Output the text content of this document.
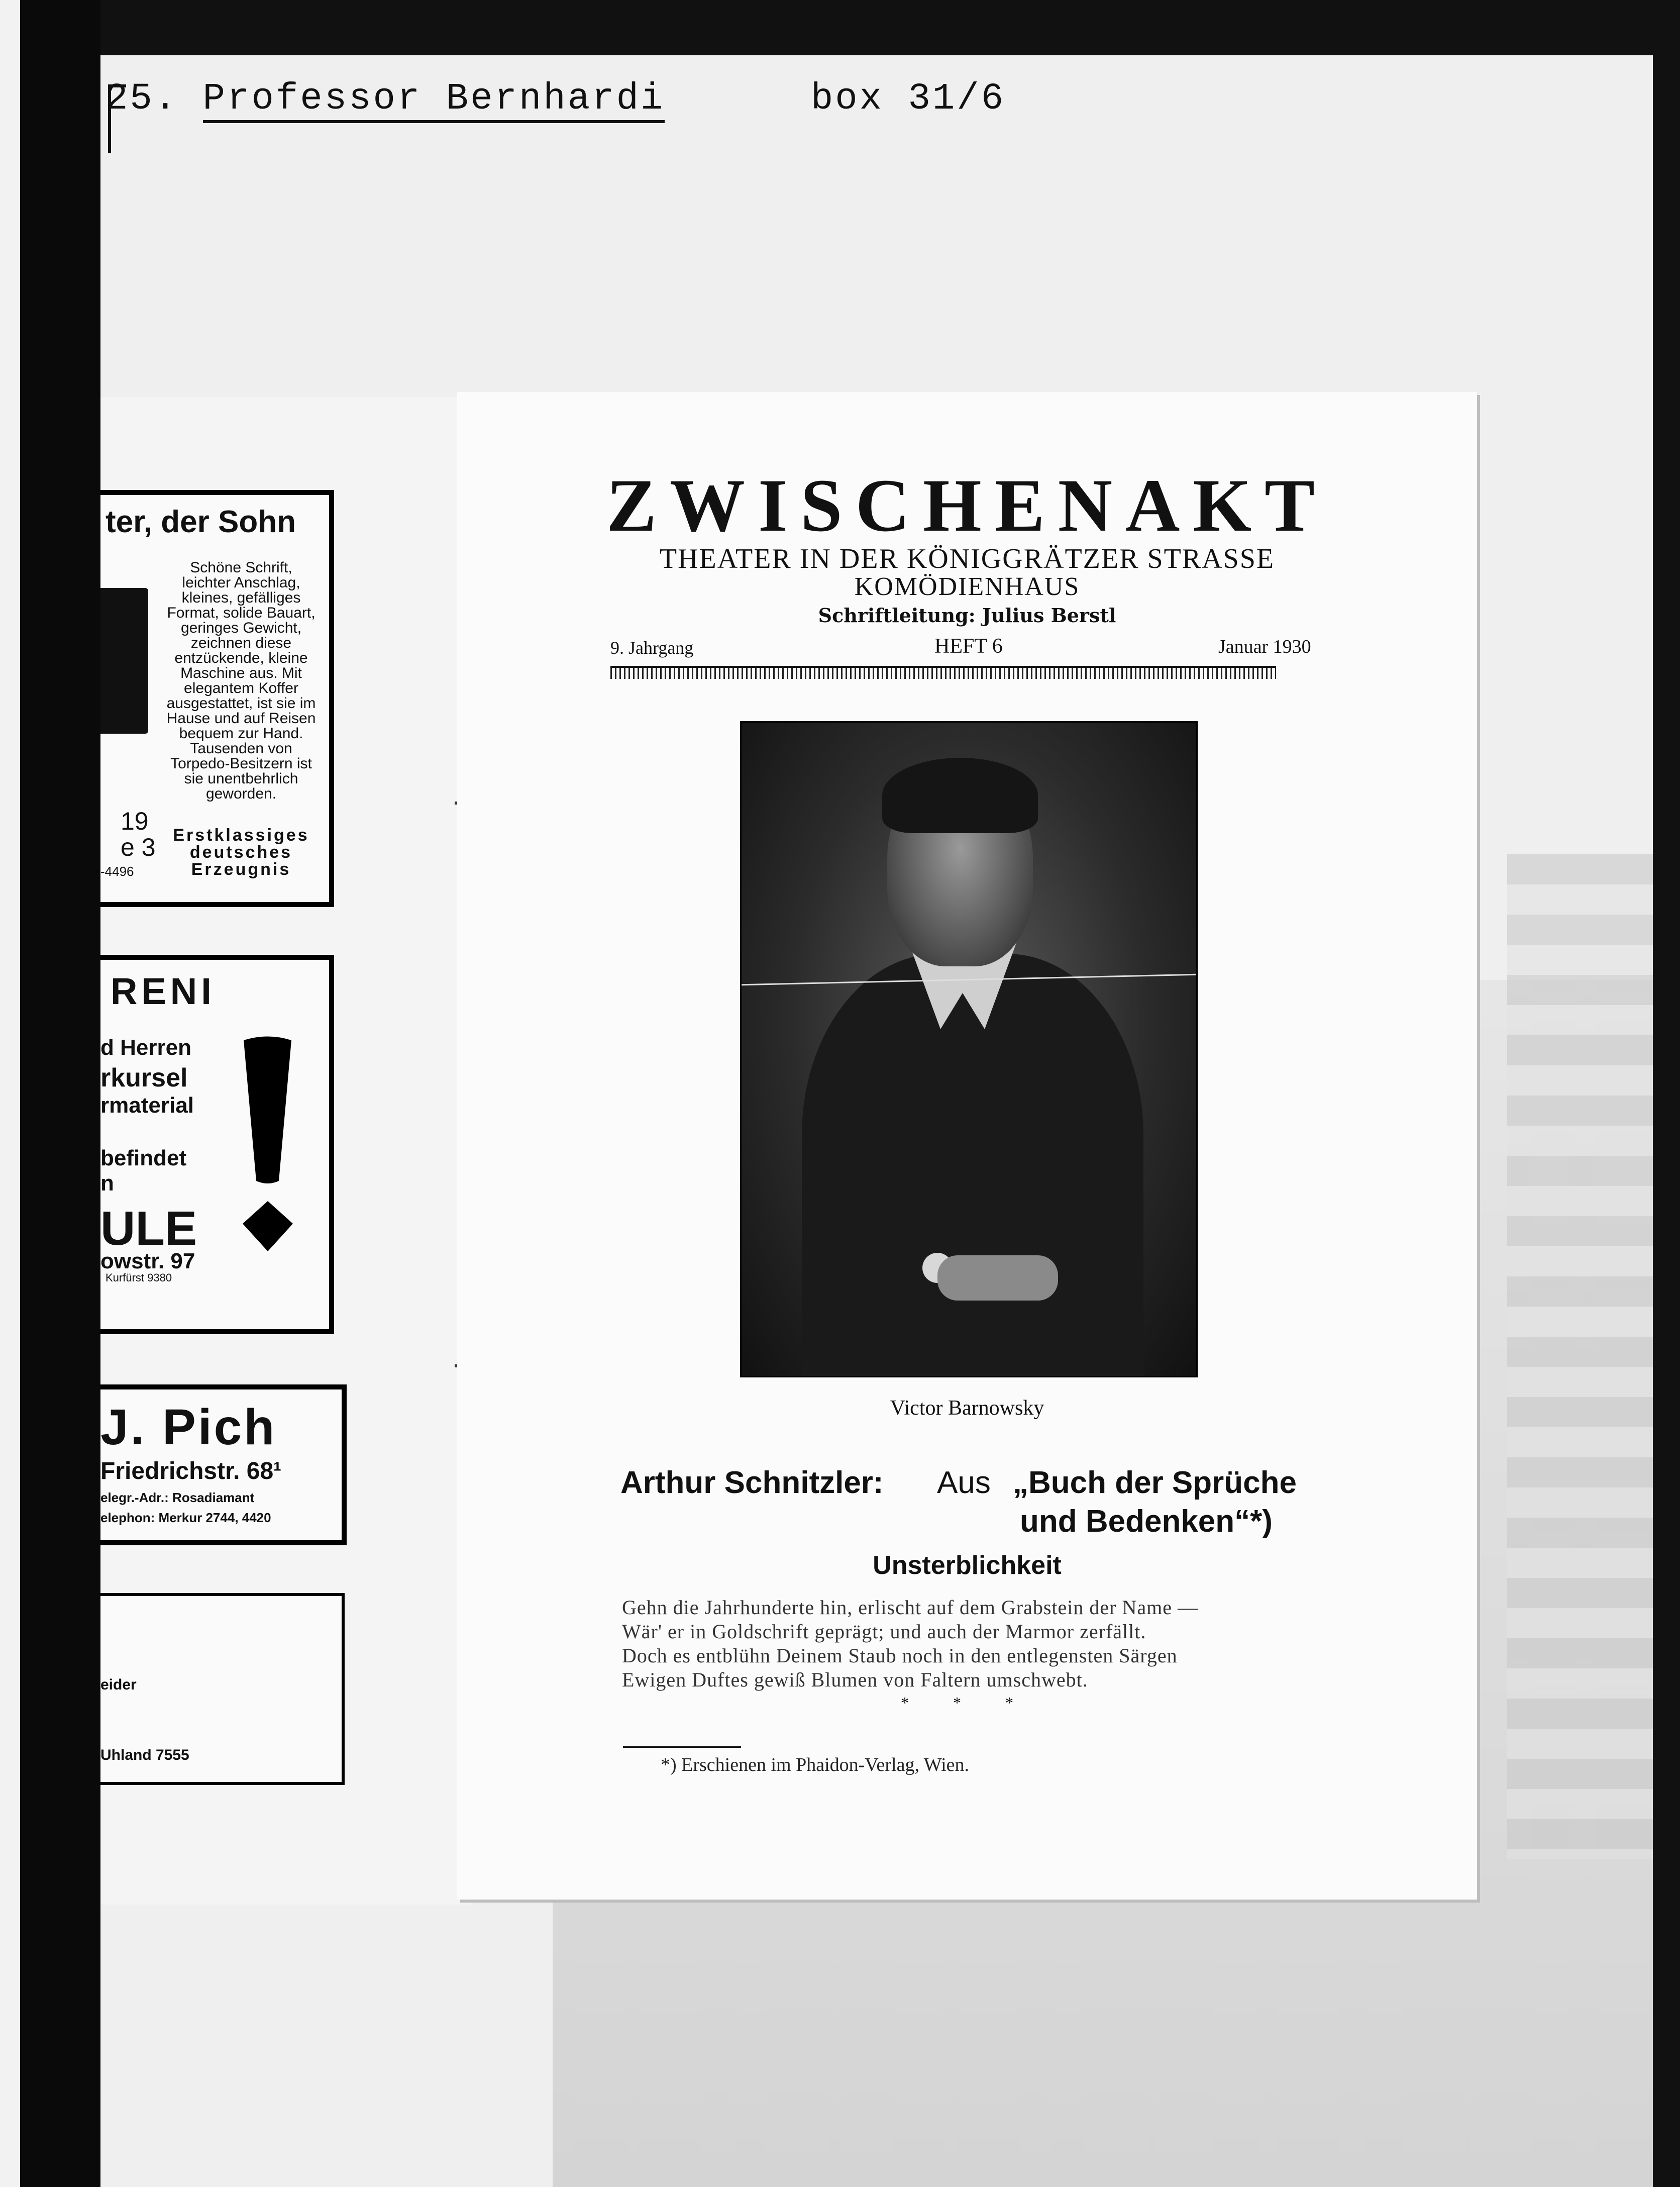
25. Professor Bernhardi	box 31/6
ter, der Sohn
Schöne Schrift, leichter Anschlag, kleines, gefälliges Format, solide Bauart, geringes Gewicht, zeichnen diese entzückende, kleine Maschine aus. Mit elegantem Koffer ausgestattet, ist sie im Hause und auf Reisen bequem zur Hand. Tausenden von Torpedo-Besitzern ist sie unentbehrlich geworden.
19
e 3
-4496
Erstklassiges deutsches Erzeugnis
RENI
d Herren
rkursel
rmaterial
befindet
n
ULE
owstr. 97
Kurfürst 9380
J. Pich
Friedrichstr. 68¹
elegr.-Adr.: Rosadiamant
elephon: Merkur 2744, 4420
eider
Uhland 7555
ZWISCHENAKT
THEATER IN DER KÖNIGGRÄTZER STRASSE
KOMÖDIENHAUS
Schriftleitung: Julius Berstl
9. Jahrgang	HEFT 6	Januar 1930
Victor Barnowsky
Arthur Schnitzler: Aus „Buch der Sprüche
und Bedenken“*)
Unsterblichkeit
Gehn die Jahrhunderte hin, erlischt auf dem Grabstein der Name —
Wär' er in Goldschrift geprägt; und auch der Marmor zerfällt.
Doch es entblühn Deinem Staub noch in den entlegensten Särgen
Ewigen Duftes gewiß Blumen von Faltern umschwebt.
* * *
*) Erschienen im Phaidon-Verlag, Wien.
